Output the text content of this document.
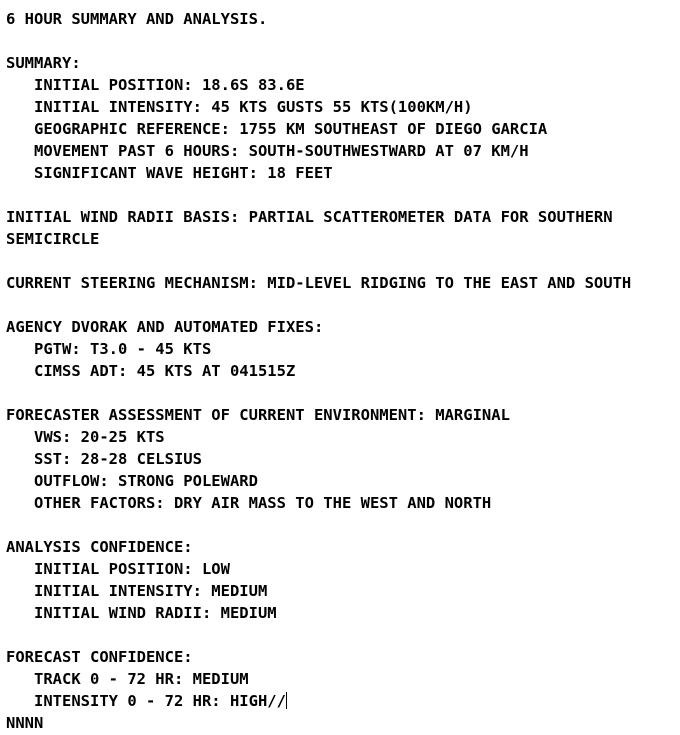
6 HOUR SUMMARY AND ANALYSIS.
SUMMARY:
INITIAL POSITION: 18.6S 83.6E
INITIAL INTENSITY: 45 KTS GUSTS 55 KTS(100KM/H)
GEOGRAPHIC REFERENCE: 1755 KM SOUTHEAST OF DIEGO GARCIA
MOVEMENT PAST 6 HOURS: SOUTH-SOUTHWESTWARD AT 07 KM/H
SIGNIFICANT WAVE HEIGHT: 18 FEET
INITIAL WIND RADII BASIS: PARTIAL SCATTEROMETER DATA FOR SOUTHERN
SEMICIRCLE
CURRENT STEERING MECHANISM: MID-LEVEL RIDGING TO THE EAST AND SOUTH
AGENCY DVORAK AND AUTOMATED FIXES:
PGTW: T3.0 - 45 KTS
CIMSS ADT: 45 KTS AT 041515Z
FORECASTER ASSESSMENT OF CURRENT ENVIRONMENT: MARGINAL
VWS: 20-25 KTS
SST: 28-28 CELSIUS
OUTFLOW: STRONG POLEWARD
OTHER FACTORS: DRY AIR MASS TO THE WEST AND NORTH
ANALYSIS CONFIDENCE:
INITIAL POSITION: LOW
INITIAL INTENSITY: MEDIUM
INITIAL WIND RADII: MEDIUM
FORECAST CONFIDENCE:
TRACK 0 - 72 HR: MEDIUM
INTENSITY 0 - 72 HR: HIGH//
NNNN
